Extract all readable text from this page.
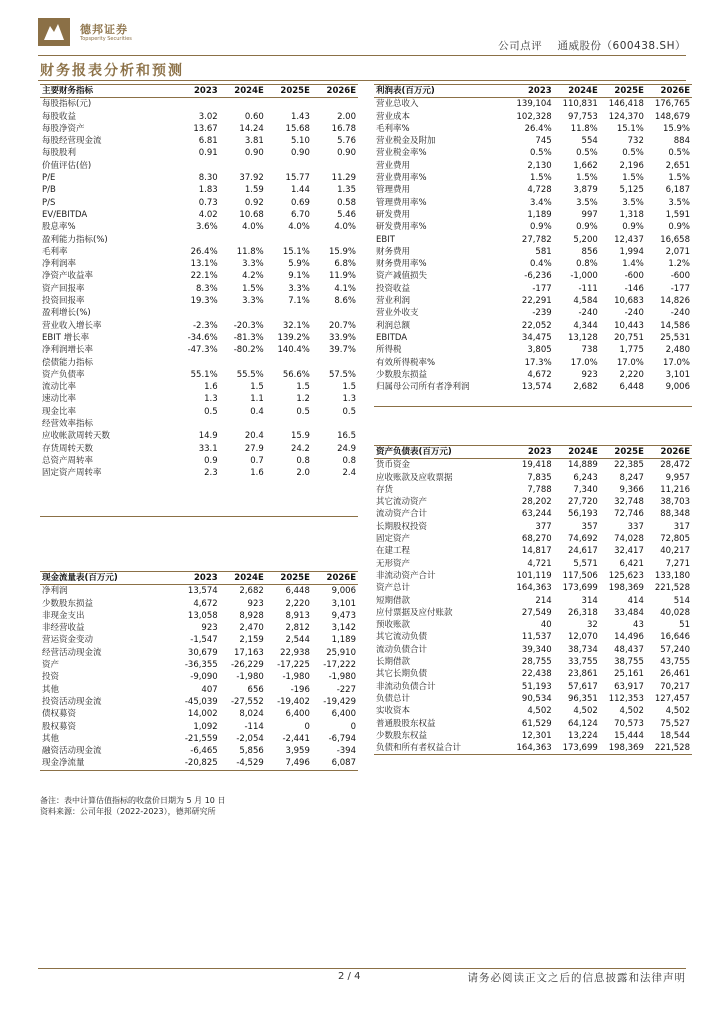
德邦证券
Topsperity Securities
公司点评 通威股份（600438.SH）
财务报表分析和预测
主要财务指标	2023	2024E	2025E	2026E
每股指标(元)				
每股收益	3.02	0.60	1.43	2.00
每股净资产	13.67	14.24	15.68	16.78
每股经营现金流	6.81	3.81	5.10	5.76
每股股利	0.91	0.90	0.90	0.90
价值评估(倍)				
P/E	8.30	37.92	15.77	11.29
P/B	1.83	1.59	1.44	1.35
P/S	0.73	0.92	0.69	0.58
EV/EBITDA	4.02	10.68	6.70	5.46
股息率%	3.6%	4.0%	4.0%	4.0%
盈利能力指标(%)				
毛利率	26.4%	11.8%	15.1%	15.9%
净利润率	13.1%	3.3%	5.9%	6.8%
净资产收益率	22.1%	4.2%	9.1%	11.9%
资产回报率	8.3%	1.5%	3.3%	4.1%
投资回报率	19.3%	3.3%	7.1%	8.6%
盈利增长(%)				
营业收入增长率	-2.3%	-20.3%	32.1%	20.7%
EBIT 增长率	-34.6%	-81.3%	139.2%	33.9%
净利润增长率	-47.3%	-80.2%	140.4%	39.7%
偿债能力指标				
资产负债率	55.1%	55.5%	56.6%	57.5%
流动比率	1.6	1.5	1.5	1.5
速动比率	1.3	1.1	1.2	1.3
现金比率	0.5	0.4	0.5	0.5
经营效率指标				
应收帐款周转天数	14.9	20.4	15.9	16.5
存货周转天数	33.1	27.9	24.2	24.9
总资产周转率	0.9	0.7	0.8	0.8
固定资产周转率	2.3	1.6	2.0	2.4

现金流量表(百万元)	2023	2024E	2025E	2026E
净利润	13,574	2,682	6,448	9,006
少数股东损益	4,672	923	2,220	3,101
非现金支出	13,058	8,928	8,913	9,473
非经营收益	923	2,470	2,812	3,142
营运资金变动	-1,547	2,159	2,544	1,189
经营活动现金流	30,679	17,163	22,938	25,910
资产	-36,355	-26,229	-17,225	-17,222
投资	-9,090	-1,980	-1,980	-1,980
其他	407	656	-196	-227
投资活动现金流	-45,039	-27,552	-19,402	-19,429
债权募资	14,002	8,024	6,400	6,400
股权募资	1,092	-114	0	0
其他	-21,559	-2,054	-2,441	-6,794
融资活动现金流	-6,465	5,856	3,959	-394
现金净流量	-20,825	-4,529	7,496	6,087
利润表(百万元)	2023	2024E	2025E	2026E
营业总收入	139,104	110,831	146,418	176,765
营业成本	102,328	97,753	124,370	148,679
毛利率%	26.4%	11.8%	15.1%	15.9%
营业税金及附加	745	554	732	884
营业税金率%	0.5%	0.5%	0.5%	0.5%
营业费用	2,130	1,662	2,196	2,651
营业费用率%	1.5%	1.5%	1.5%	1.5%
管理费用	4,728	3,879	5,125	6,187
管理费用率%	3.4%	3.5%	3.5%	3.5%
研发费用	1,189	997	1,318	1,591
研发费用率%	0.9%	0.9%	0.9%	0.9%
EBIT	27,782	5,200	12,437	16,658
财务费用	581	856	1,994	2,071
财务费用率%	0.4%	0.8%	1.4%	1.2%
资产减值损失	-6,236	-1,000	-600	-600
投资收益	-177	-111	-146	-177
营业利润	22,291	4,584	10,683	14,826
营业外收支	-239	-240	-240	-240
利润总额	22,052	4,344	10,443	14,586
EBITDA	34,475	13,128	20,751	25,531
所得税	3,805	738	1,775	2,480
有效所得税率%	17.3%	17.0%	17.0%	17.0%
少数股东损益	4,672	923	2,220	3,101
归属母公司所有者净利润	13,574	2,682	6,448	9,006

资产负债表(百万元)	2023	2024E	2025E	2026E
货币资金	19,418	14,889	22,385	28,472
应收账款及应收票据	7,835	6,243	8,247	9,957
存货	7,788	7,340	9,366	11,216
其它流动资产	28,202	27,720	32,748	38,703
流动资产合计	63,244	56,193	72,746	88,348
长期股权投资	377	357	337	317
固定资产	68,270	74,692	74,028	72,805
在建工程	14,817	24,617	32,417	40,217
无形资产	4,721	5,571	6,421	7,271
非流动资产合计	101,119	117,506	125,623	133,180
资产总计	164,363	173,699	198,369	221,528
短期借款	214	314	414	514
应付票据及应付账款	27,549	26,318	33,484	40,028
预收账款	40	32	43	51
其它流动负债	11,537	12,070	14,496	16,646
流动负债合计	39,340	38,734	48,437	57,240
长期借款	28,755	33,755	38,755	43,755
其它长期负债	22,438	23,861	25,161	26,461
非流动负债合计	51,193	57,617	63,917	70,217
负债总计	90,534	96,351	112,353	127,457
实收资本	4,502	4,502	4,502	4,502
普通股股东权益	61,529	64,124	70,573	75,527
少数股东权益	12,301	13,224	15,444	18,544
负债和所有者权益合计	164,363	173,699	198,369	221,528
备注：表中计算估值指标的收盘价日期为 5 月 10 日
资料来源：公司年报（2022-2023），德邦研究所
2 / 4	请务必阅读正文之后的信息披露和法律声明
